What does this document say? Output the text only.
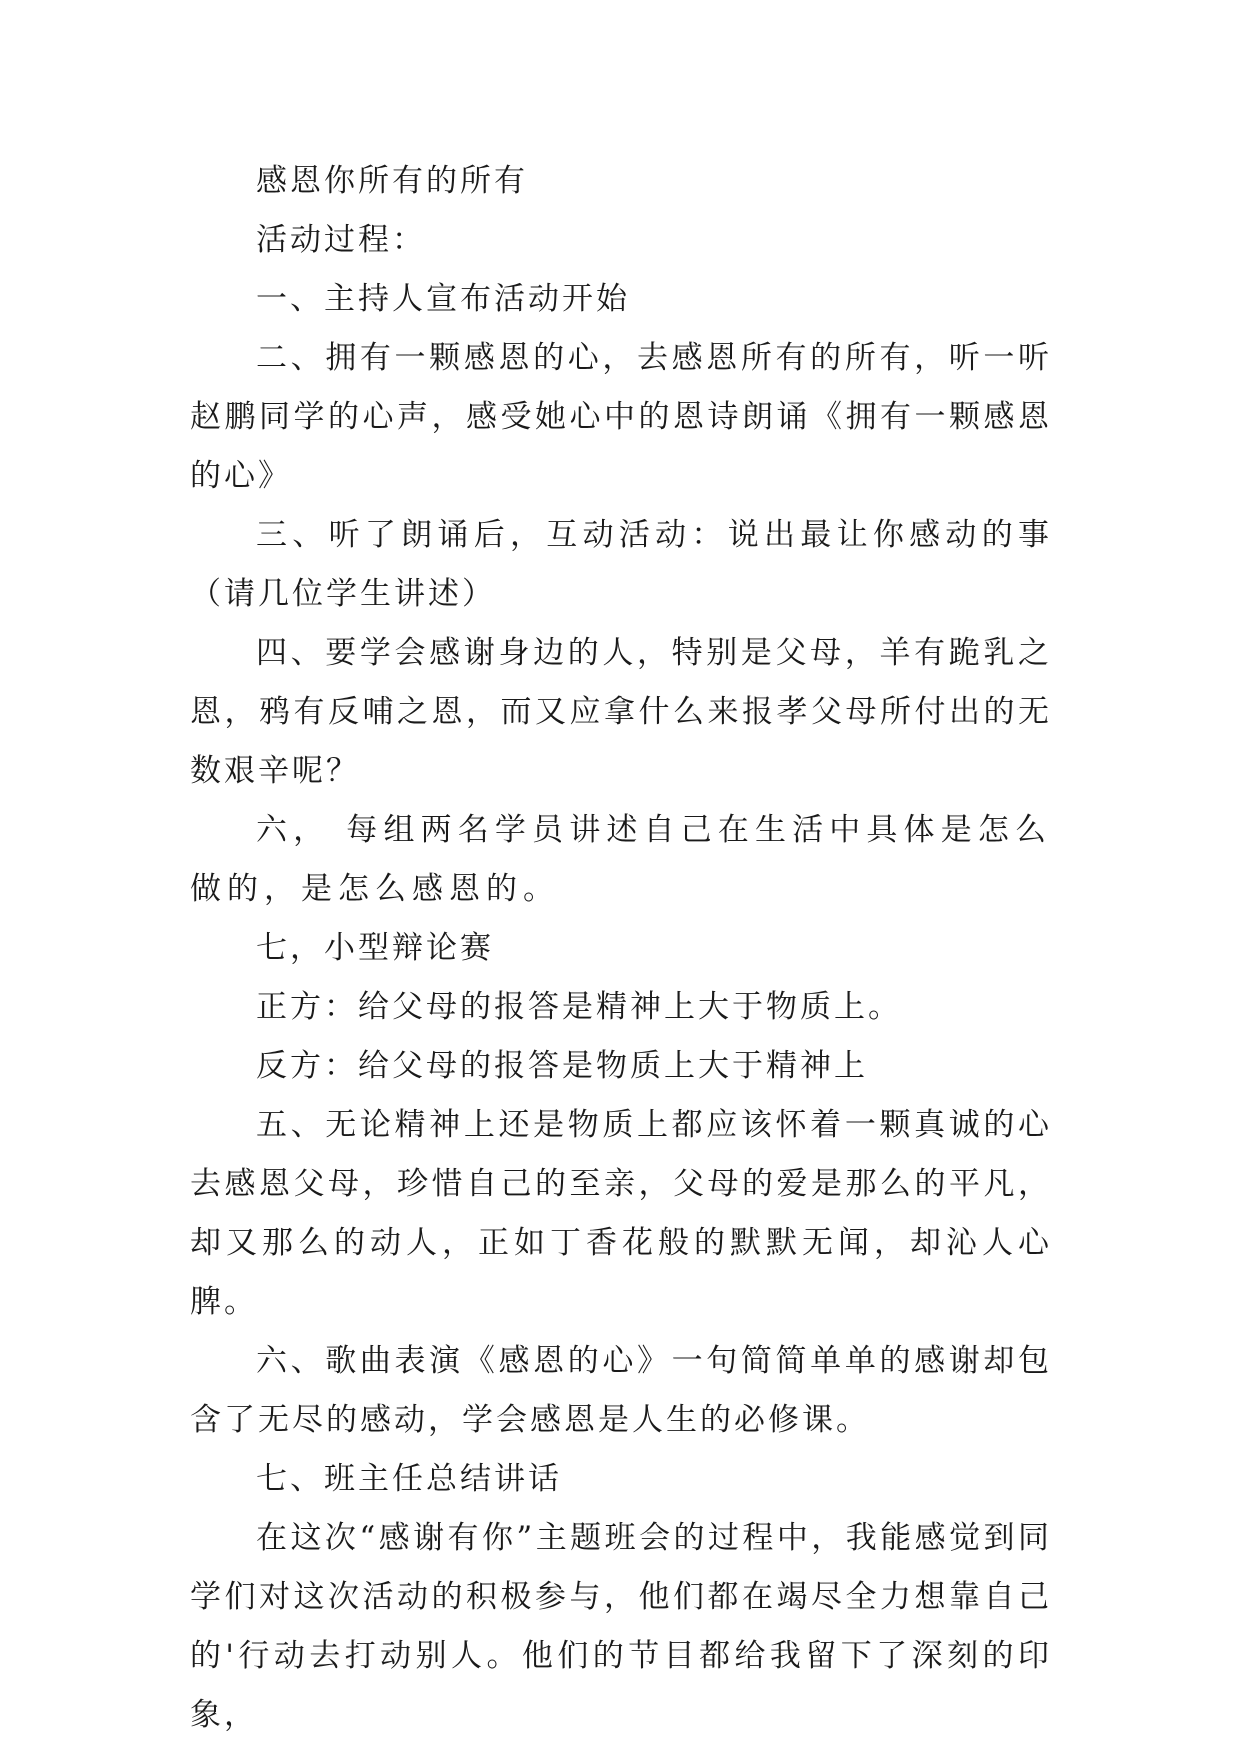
感恩你所有的所有

活动过程：

一、主持人宣布活动开始

二、拥有一颗感恩的心，去感恩所有的所有，听一听赵鹏同学的心声，感受她心中的恩诗朗诵《拥有一颗感恩的心》

三、听了朗诵后，互动活动：说出最让你感动的事（请几位学生讲述）

四、要学会感谢身边的人，特别是父母，羊有跪乳之恩，鸦有反哺之恩，而又应拿什么来报孝父母所付出的无数艰辛呢？

六， 每组两名学员讲述自己在生活中具体是怎么做的，是怎么感恩的。

七，小型辩论赛

正方：给父母的报答是精神上大于物质上。

反方：给父母的报答是物质上大于精神上

五、无论精神上还是物质上都应该怀着一颗真诚的心去感恩父母，珍惜自己的至亲，父母的爱是那么的平凡，却又那么的动人，正如丁香花般的默默无闻，却沁人心脾。

六、歌曲表演《感恩的心》一句简简单单的感谢却包含了无尽的感动，学会感恩是人生的必修课。

七、班主任总结讲话

在这次“感谢有你”主题班会的过程中，我能感觉到同学们对这次活动的积极参与，他们都在竭尽全力想靠自己的'行动去打动别人。他们的节目都给我留下了深刻的印象，
